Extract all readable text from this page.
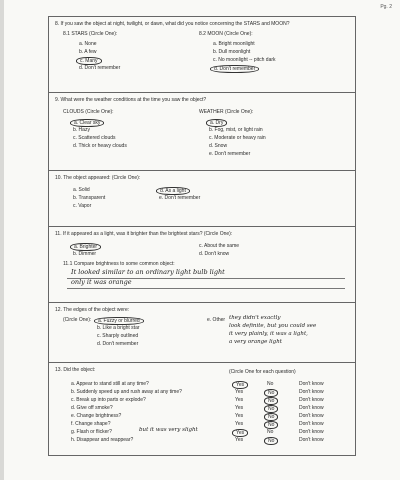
Pg. 2
8. If you saw the object at night, twilight, or dawn, what did you notice concerning the STARS and MOON?
8.1 STARS (Circle One):
a. None
b. A few
c. Many
d. Don't remember
8.2 MOON (Circle One):
a. Bright moonlight
b. Dull moonlight
c. No moonlight -- pitch dark
d. Don't remember
9. What were the weather conditions at the time you saw the object?
CLOUDS (Circle One):
a. Clear sky
b. Hazy
c. Scattered clouds
d. Thick or heavy clouds
WEATHER (Circle One):
a. Dry
b. Fog, mist, or light rain
c. Moderate or heavy rain
d. Snow
e. Don't remember
10. The object appeared: (Circle One):
a. Solid
b. Transparent
c. Vapor
d. As a light
e. Don't remember
11. If it appeared as a light, was it brighter than the brightest stars? (Circle One):
a. Brighter
b. Dimmer
c. About the same
d. Don't know
11.1 Compare brightness to some common object:
It looked similar to an ordinary light bulb light
only it was orange
12. The edges of the object were:
(Circle One):	a. Fuzzy or blurred
b. Like a bright star
c. Sharply outlined
d. Don't remember
e. Other they didn't exactly
look definite, but you could see
it very plainly, it was a light,
a very orange light
13. Did the object:	(Circle One for each question)
a. Appear to stand still at any time?	Yes	No	Don't know
b. Suddenly speed up and rush away at any time?	Yes	No	Don't know
c. Break up into parts or explode?	Yes	No	Don't know
d. Give off smoke?	Yes	No	Don't know
e. Change brightness?	Yes	No	Don't know
f. Change shape?	Yes	No	Don't know
g. Flash or flicker?	but it was very slight	Yes	No	Don't know
h. Disappear and reappear?	Yes	No	Don't know
